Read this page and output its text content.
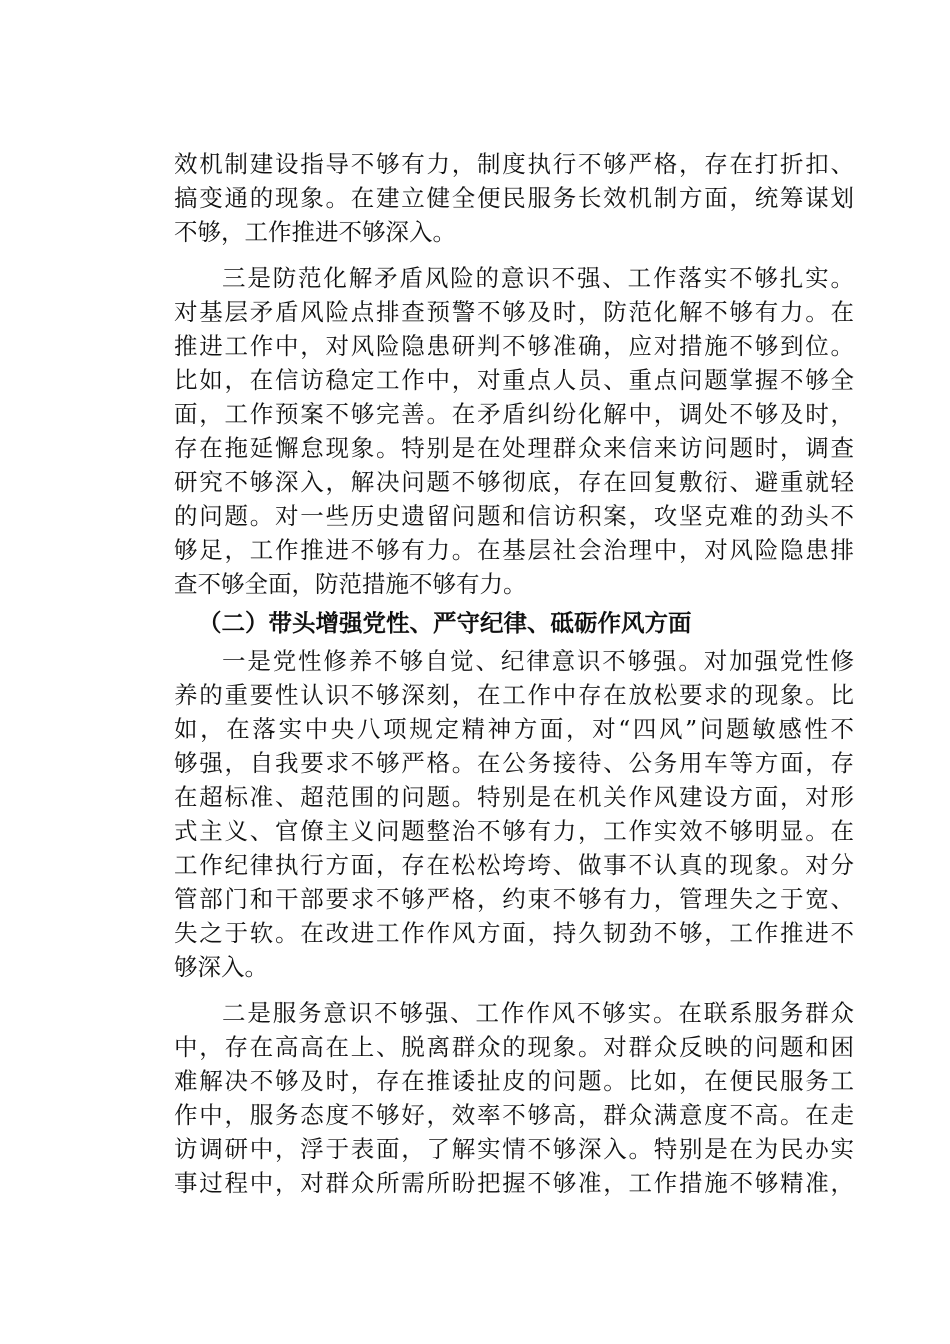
效机制建设指导不够有力，制度执行不够严格，存在打折扣、
搞变通的现象。在建立健全便民服务长效机制方面，统筹谋划
不够，工作推进不够深入。
三是防范化解矛盾风险的意识不强、工作落实不够扎实。
对基层矛盾风险点排查预警不够及时，防范化解不够有力。在
推进工作中，对风险隐患研判不够准确，应对措施不够到位。
比如，在信访稳定工作中，对重点人员、重点问题掌握不够全
面，工作预案不够完善。在矛盾纠纷化解中，调处不够及时，
存在拖延懈怠现象。特别是在处理群众来信来访问题时，调查
研究不够深入，解决问题不够彻底，存在回复敷衍、避重就轻
的问题。对一些历史遗留问题和信访积案，攻坚克难的劲头不
够足，工作推进不够有力。在基层社会治理中，对风险隐患排
查不够全面，防范措施不够有力。
（二）带头增强党性、严守纪律、砥砺作风方面
一是党性修养不够自觉、纪律意识不够强。对加强党性修
养的重要性认识不够深刻，在工作中存在放松要求的现象。比
如，在落实中央八项规定精神方面，对“四风”问题敏感性不
够强，自我要求不够严格。在公务接待、公务用车等方面，存
在超标准、超范围的问题。特别是在机关作风建设方面，对形
式主义、官僚主义问题整治不够有力，工作实效不够明显。在
工作纪律执行方面，存在松松垮垮、做事不认真的现象。对分
管部门和干部要求不够严格，约束不够有力，管理失之于宽、
失之于软。在改进工作作风方面，持久韧劲不够，工作推进不
够深入。
二是服务意识不够强、工作作风不够实。在联系服务群众
中，存在高高在上、脱离群众的现象。对群众反映的问题和困
难解决不够及时，存在推诿扯皮的问题。比如，在便民服务工
作中，服务态度不够好，效率不够高，群众满意度不高。在走
访调研中，浮于表面，了解实情不够深入。特别是在为民办实
事过程中，对群众所需所盼把握不够准，工作措施不够精准，
